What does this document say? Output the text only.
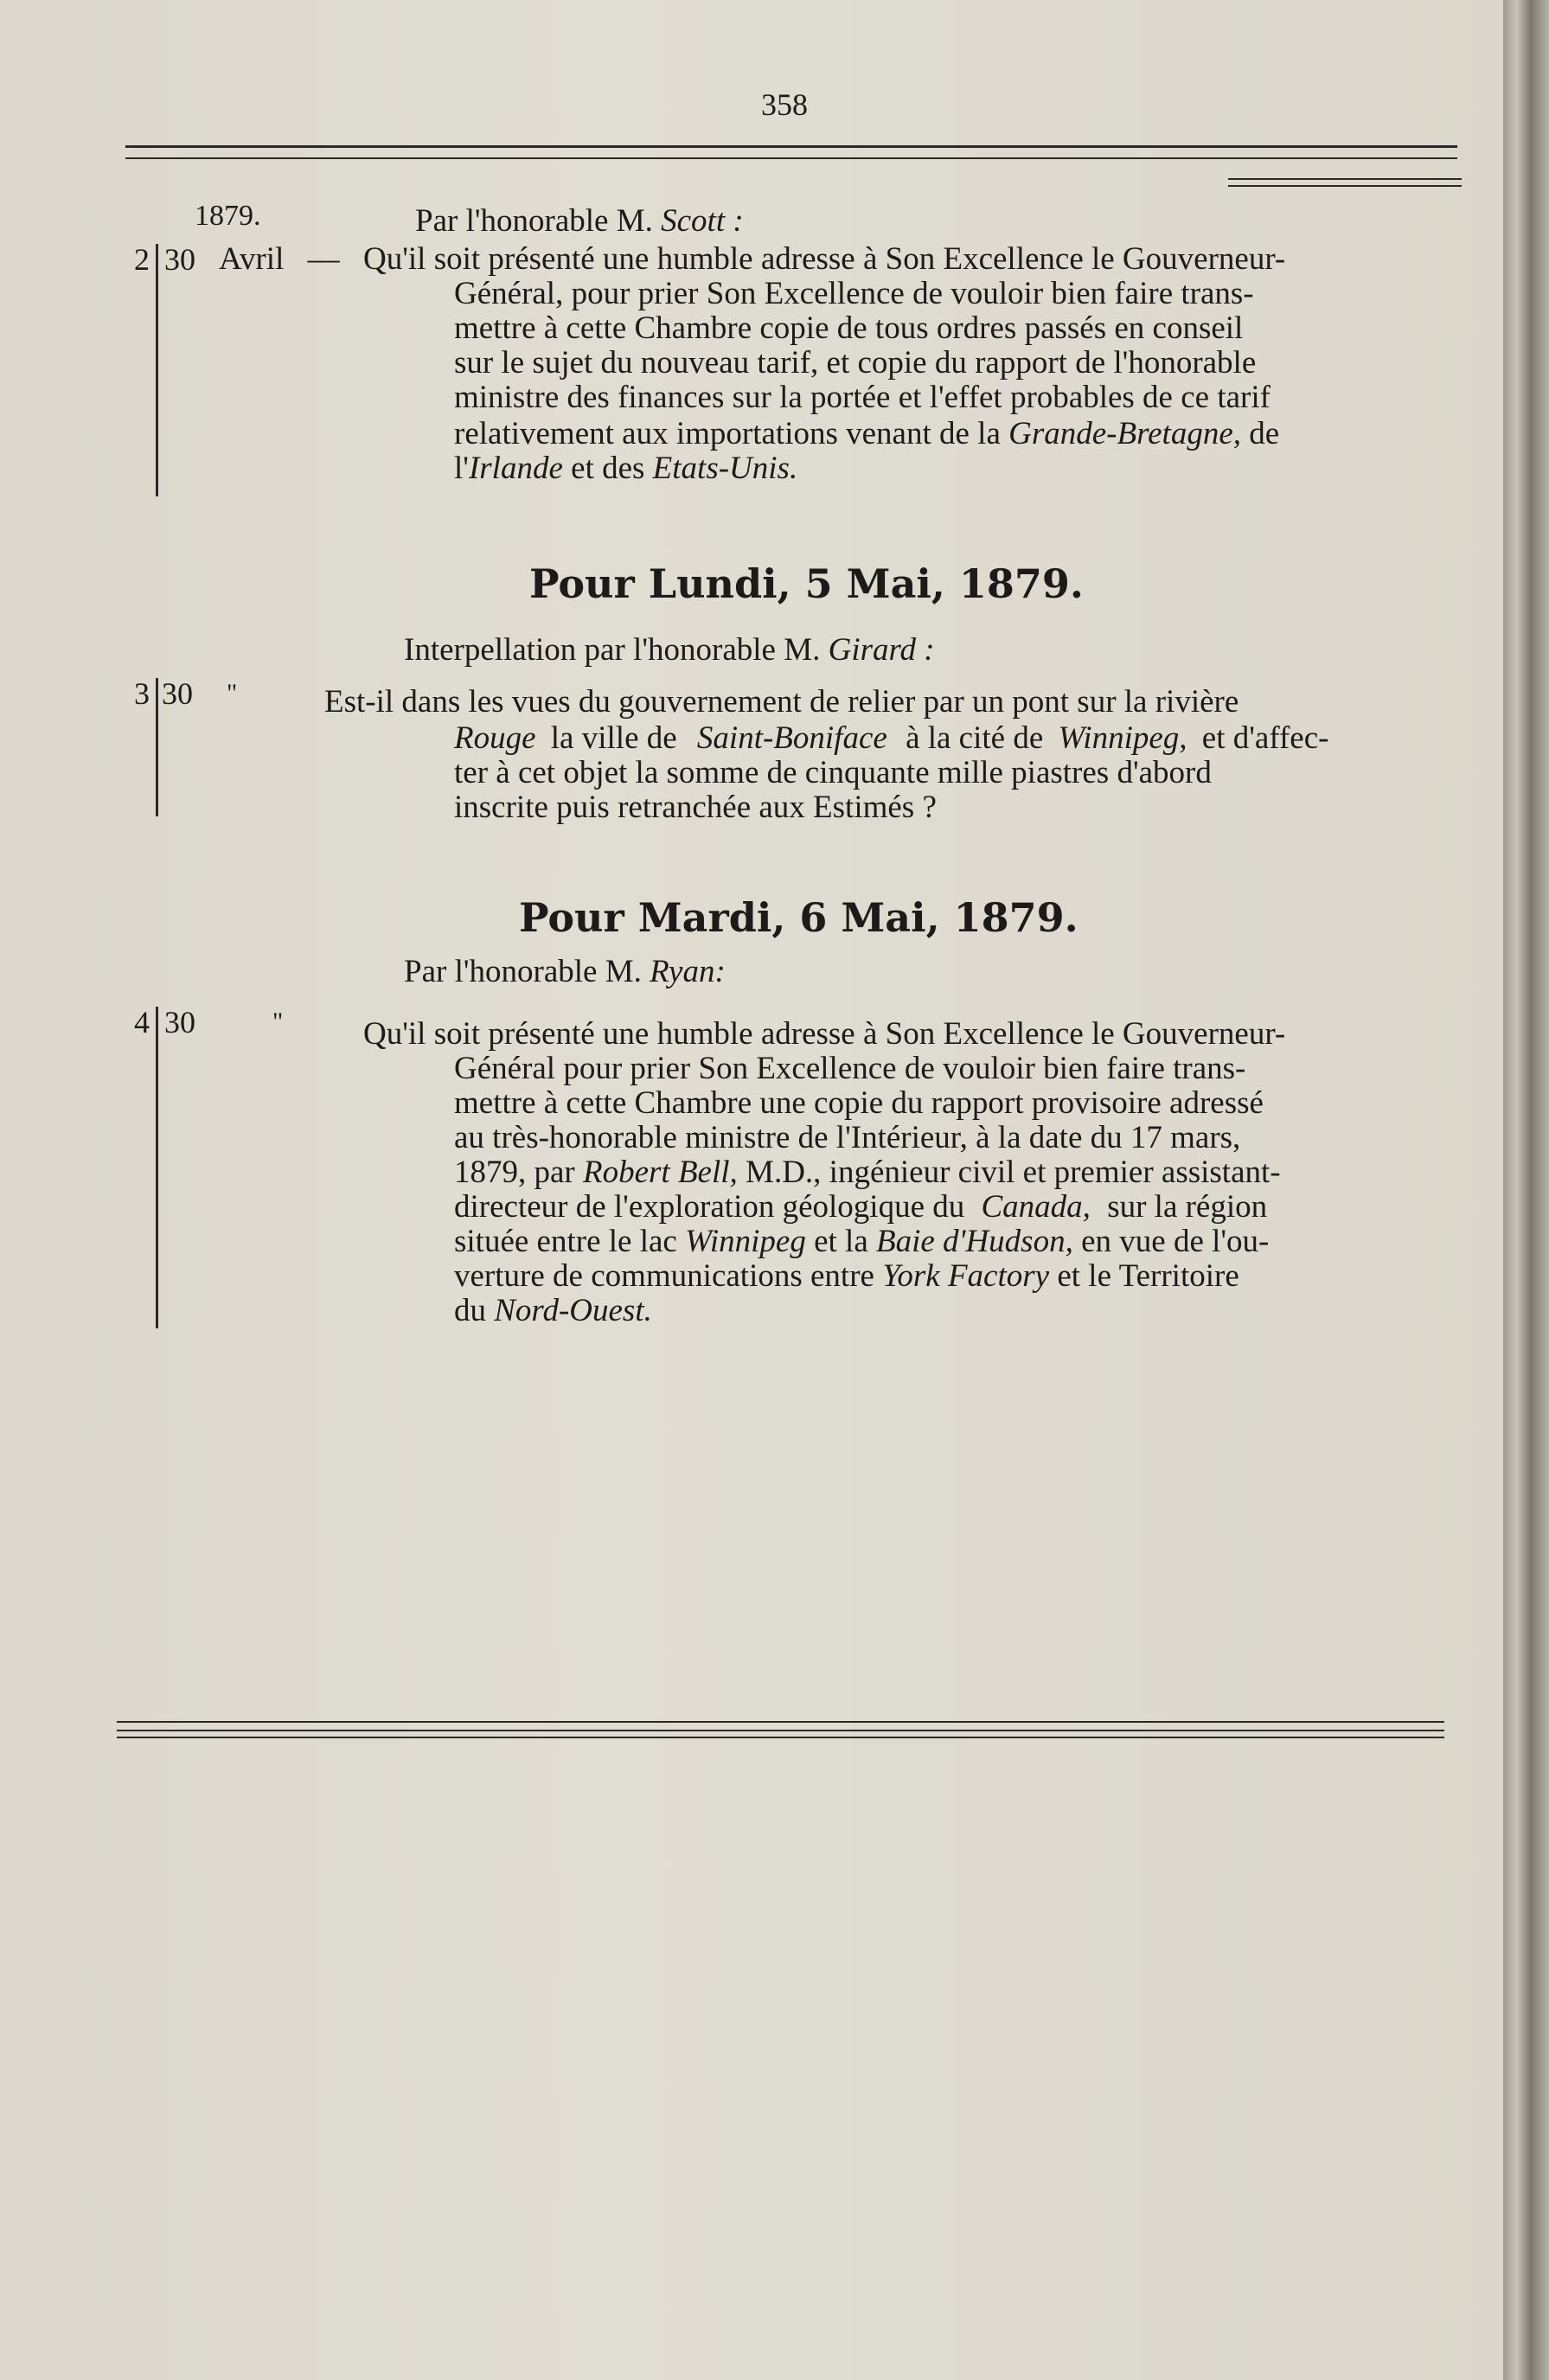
358
1879.	Par l'honorable M. Scott :
2 30 Avril — Qu'il soit présenté une humble adresse à Son Excellence le Gouverneur-
Général, pour prier Son Excellence de vouloir bien faire trans-
mettre à cette Chambre copie de tous ordres passés en conseil
sur le sujet du nouveau tarif, et copie du rapport de l'honorable
ministre des finances sur la portée et l'effet probables de ce tarif
relativement aux importations venant de la Grande-Bretagne, de
l'Irlande et des Etats-Unis.
Pour Lundi, 5 Mai, 1879.
Interpellation par l'honorable M. Girard :
3 30 "	Est-il dans les vues du gouvernement de relier par un pont sur la rivière
Rouge la ville de Saint-Boniface à la cité de Winnipeg, et d'affec-
ter à cet objet la somme de cinquante mille piastres d'abord
inscrite puis retranchée aux Estimés ?
Pour Mardi, 6 Mai, 1879.
Par l'honorable M. Ryan:
4 30	"	Qu'il soit présenté une humble adresse à Son Excellence le Gouverneur-
Général pour prier Son Excellence de vouloir bien faire trans-
mettre à cette Chambre une copie du rapport provisoire adressé
au très-honorable ministre de l'Intérieur, à la date du 17 mars,
1879, par Robert Bell, M.D., ingénieur civil et premier assistant-
directeur de l'exploration géologique du Canada, sur la région
située entre le lac Winnipeg et la Baie d'Hudson, en vue de l'ou-
verture de communications entre York Factory et le Territoire
du Nord-Ouest.
